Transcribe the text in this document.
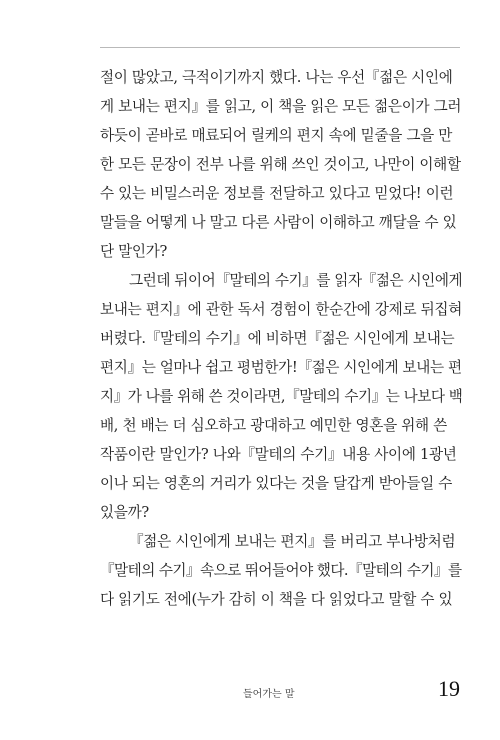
절이 많았고, 극적이기까지 했다. 나는 우선『젊은 시인에
게 보내는 편지』를 읽고, 이 책을 읽은 모든 젊은이가 그러
하듯이 곧바로 매료되어 릴케의 편지 속에 밑줄을 그을 만
한 모든 문장이 전부 나를 위해 쓰인 것이고, 나만이 이해할
수 있는 비밀스러운 정보를 전달하고 있다고 믿었다! 이런
말들을 어떻게 나 말고 다른 사람이 이해하고 깨달을 수 있
단 말인가?
그런데 뒤이어『말테의 수기』를 읽자『젊은 시인에게
보내는 편지』에 관한 독서 경험이 한순간에 강제로 뒤집혀
버렸다.『말테의 수기』에 비하면『젊은 시인에게 보내는
편지』는 얼마나 쉽고 평범한가!『젊은 시인에게 보내는 편
지』가 나를 위해 쓴 것이라면,『말테의 수기』는 나보다 백
배, 천 배는 더 심오하고 광대하고 예민한 영혼을 위해 쓴
작품이란 말인가? 나와『말테의 수기』내용 사이에 1광년
이나 되는 영혼의 거리가 있다는 것을 달갑게 받아들일 수
있을까?
『젊은 시인에게 보내는 편지』를 버리고 부나방처럼
『말테의 수기』속으로 뛰어들어야 했다.『말테의 수기』를
다 읽기도 전에(누가 감히 이 책을 다 읽었다고 말할 수 있
들어가는 말	19
